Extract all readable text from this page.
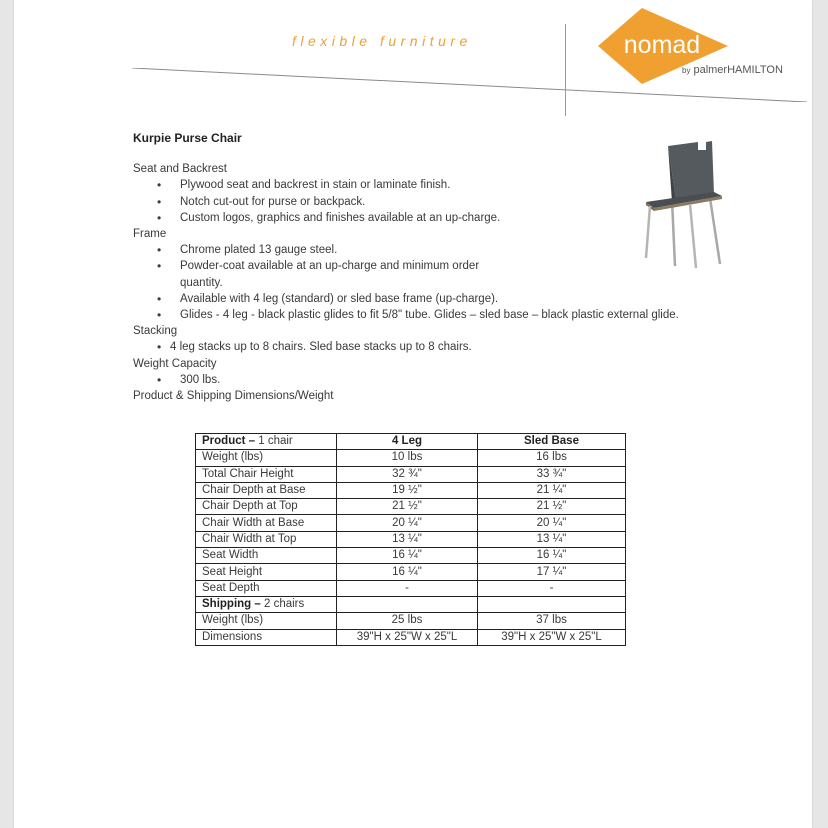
flexible furniture	nomad
by palmerHAMILTON
Kurpie Purse Chair
Seat and Backrest
• Plywood seat and backrest in stain or laminate finish.
• Notch cut-out for purse or backpack.
• Custom logos, graphics and finishes available at an up-charge.
Frame
• Chrome plated 13 gauge steel.
• Powder-coat available at an up-charge and minimum order quantity.
• Available with 4 leg (standard) or sled base frame (up-charge).
• Glides - 4 leg - black plastic glides to fit 5/8" tube. Glides – sled base – black plastic external glide.
Stacking
• 4 leg stacks up to 8 chairs. Sled base stacks up to 8 chairs.
Weight Capacity
• 300 lbs.
Product & Shipping Dimensions/Weight
Product – 1 chair	4 Leg	Sled Base
Weight (lbs)	10 lbs	16 lbs
Total Chair Height	32 ¾"	33 ¾"
Chair Depth at Base	19 ½"	21 ¼"
Chair Depth at Top	21 ½"	21 ½"
Chair Width at Base	20 ¼"	20 ¼"
Chair Width at Top	13 ¼"	13 ¼"
Seat Width	16 ¼"	16 ¼"
Seat Height	16 ¼"	17 ¼"
Seat Depth	-	-
Shipping – 2 chairs		
Weight (lbs)	25 lbs	37 lbs
Dimensions	39"H x 25"W x 25"L	39"H x 25"W x 25"L
